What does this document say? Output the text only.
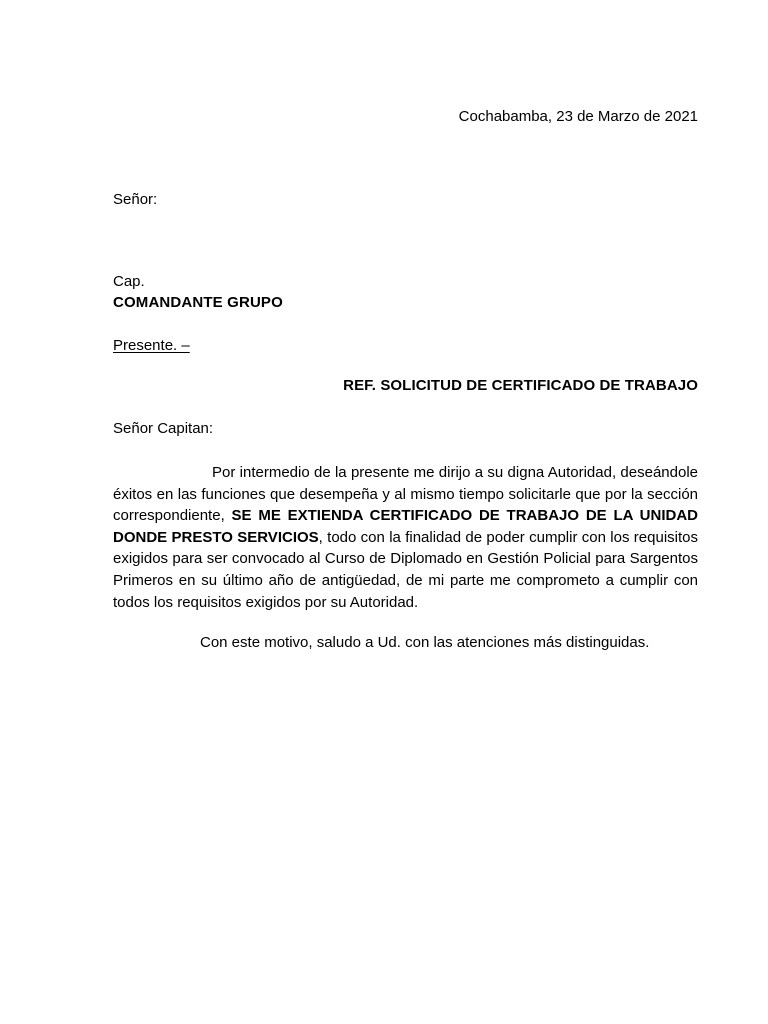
Cochabamba, 23 de Marzo de 2021

Señor:

Cap.

COMANDANTE GRUPO

Presente. –
REF. SOLICITUD DE CERTIFICADO DE TRABAJO

Señor Capitan:

Por intermedio de la presente me dirijo a su digna Autoridad, deseándole éxitos en las funciones que desempeña y al mismo tiempo solicitarle que por la sección correspondiente, SE ME EXTIENDA CERTIFICADO DE TRABAJO DE LA UNIDAD DONDE PRESTO SERVICIOS, todo con la finalidad de poder cumplir con los requisitos exigidos para ser convocado al Curso de Diplomado en Gestión Policial para Sargentos Primeros en su último año de antigüedad, de mi parte me comprometo a cumplir con todos los requisitos exigidos por su Autoridad.

Con este motivo, saludo a Ud. con las atenciones más distinguidas.
